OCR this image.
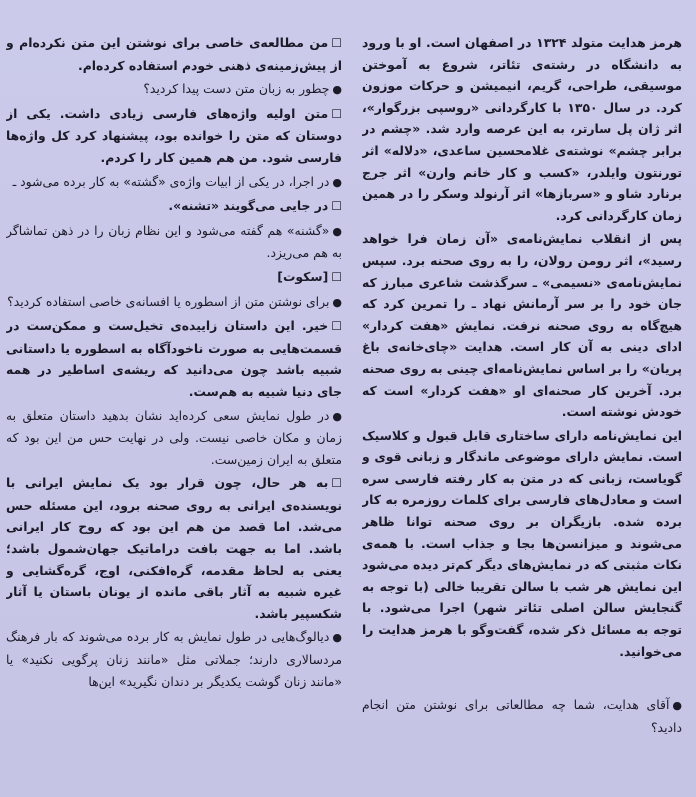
هرمز هدایت متولد ۱۳۲۴ در اصفهان است. او با ورود به دانشگاه در رشته‌ی تئاتر، شروع به آموختن موسیقی، طراحی، گریم، انیمیشن و حرکات موزون کرد. در سال ۱۳۵۰ با کارگردانی «روسپی بزرگوار»، اثر ژان پل سارتر، به این عرصه وارد شد. «چشم در برابر چشم» نوشته‌ی غلامحسین ساعدی، «دلاله» اثر تورنتون وایلدر، «کسب و کار خانم وارن» اثر جرج برنارد شاو و «سربازها» اثر آرنولد وسکر را در همین زمان کارگردانی کرد.

پس از انقلاب نمایش‌نامه‌ی «آن زمان فرا خواهد رسید»، اثر رومن رولان، را به روی صحنه برد. سپس نمایش‌نامه‌ی «نسیمی» ـ سرگذشت شاعری مبارز که جان خود را بر سر آرمانش نهاد ـ را تمرین کرد که هیچ‌گاه به روی صحنه نرفت. نمایش «هفت کردار» ادای دینی به آن کار است. هدایت «چای‌خانه‌ی باغ پریان» را بر اساس نمایش‌نامه‌ای چینی به روی صحنه برد. آخرین کار صحنه‌ای او «هفت کردار» است که خودش نوشته است.

این نمایش‌نامه دارای ساختاری قابل قبول و کلاسیک است. نمایش دارای موضوعی ماندگار و زبانی قوی و گویاست، زبانی که در متن به کار رفته فارسی سره است و معادل‌های فارسی برای کلمات روزمره به کار برده شده. بازیگران بر روی صحنه توانا ظاهر می‌شوند و میزانسن‌ها بجا و جذاب است. با همه‌ی نکات مثبتی که در نمایش‌های دیگر کم‌تر دیده می‌شود این نمایش هر شب با سالن تقریبا خالی (با توجه به گنجایش سالن اصلی تئاتر شهر) اجرا می‌شود. با توجه به مسائل ذکر شده، گفت‌وگو با هرمز هدایت را می‌خوانید.

●آقای هدایت، شما چه مطالعاتی برای نوشتن متن انجام دادید؟

☐من مطالعه‌ی خاصی برای نوشتن این متن نکرده‌ام و از پیش‌زمینه‌ی ذهنی خودم استفاده کرده‌ام.

●چطور به زبان متن دست پیدا کردید؟

☐متن اولیه واژه‌های فارسی زیادی داشت. یکی از دوستان که متن را خوانده بود، پیشنهاد کرد کل واژه‌ها فارسی شود. من هم همین کار را کردم.

●در اجرا، در یکی از ابیات واژه‌ی «گشته» به کار برده می‌شود ـ

☐در جایی می‌گویند «تشنه».

●«گشنه» هم گفته می‌شود و این نظام زبان را در ذهن تماشاگر به هم می‌ریزد.

☐[سکوت]

●برای نوشتن متن از اسطوره یا افسانه‌ی خاصی استفاده کردید؟

☐خیر. این داستان زاییده‌ی تخیل‌ست و ممکن‌ست در قسمت‌هایی به صورت ناخودآگاه به اسطوره یا داستانی شبیه باشد چون می‌دانید که ریشه‌ی اساطیر در همه جای دنیا شبیه به هم‌ست.

●در طول نمایش سعی کرده‌اید نشان بدهید داستان متعلق به زمان و مکان خاصی نیست. ولی در نهایت حس من این بود که متعلق به ایران زمین‌ست.

☐به هر حال، چون قرار بود یک نمایش ایرانی با نویسنده‌ی ایرانی به روی صحنه برود، این مسئله حس می‌شد. اما قصد من هم این بود که روح کار ایرانی باشد. اما به جهت بافت دراماتیک جهان‌شمول باشد؛ یعنی به لحاظ مقدمه، گره‌افکنی، اوج، گره‌گشایی و غیره شبیه به آثار باقی مانده از یونان باستان یا آثار شکسپیر باشد.

●دیالوگ‌هایی در طول نمایش به کار برده می‌شوند که بار فرهنگ مردسالاری دارند؛ جملاتی مثل «مانند زنان پرگویی نکنید» یا «مانند زنان گوشت یکدیگر بر دندان نگیرید» این‌ها
